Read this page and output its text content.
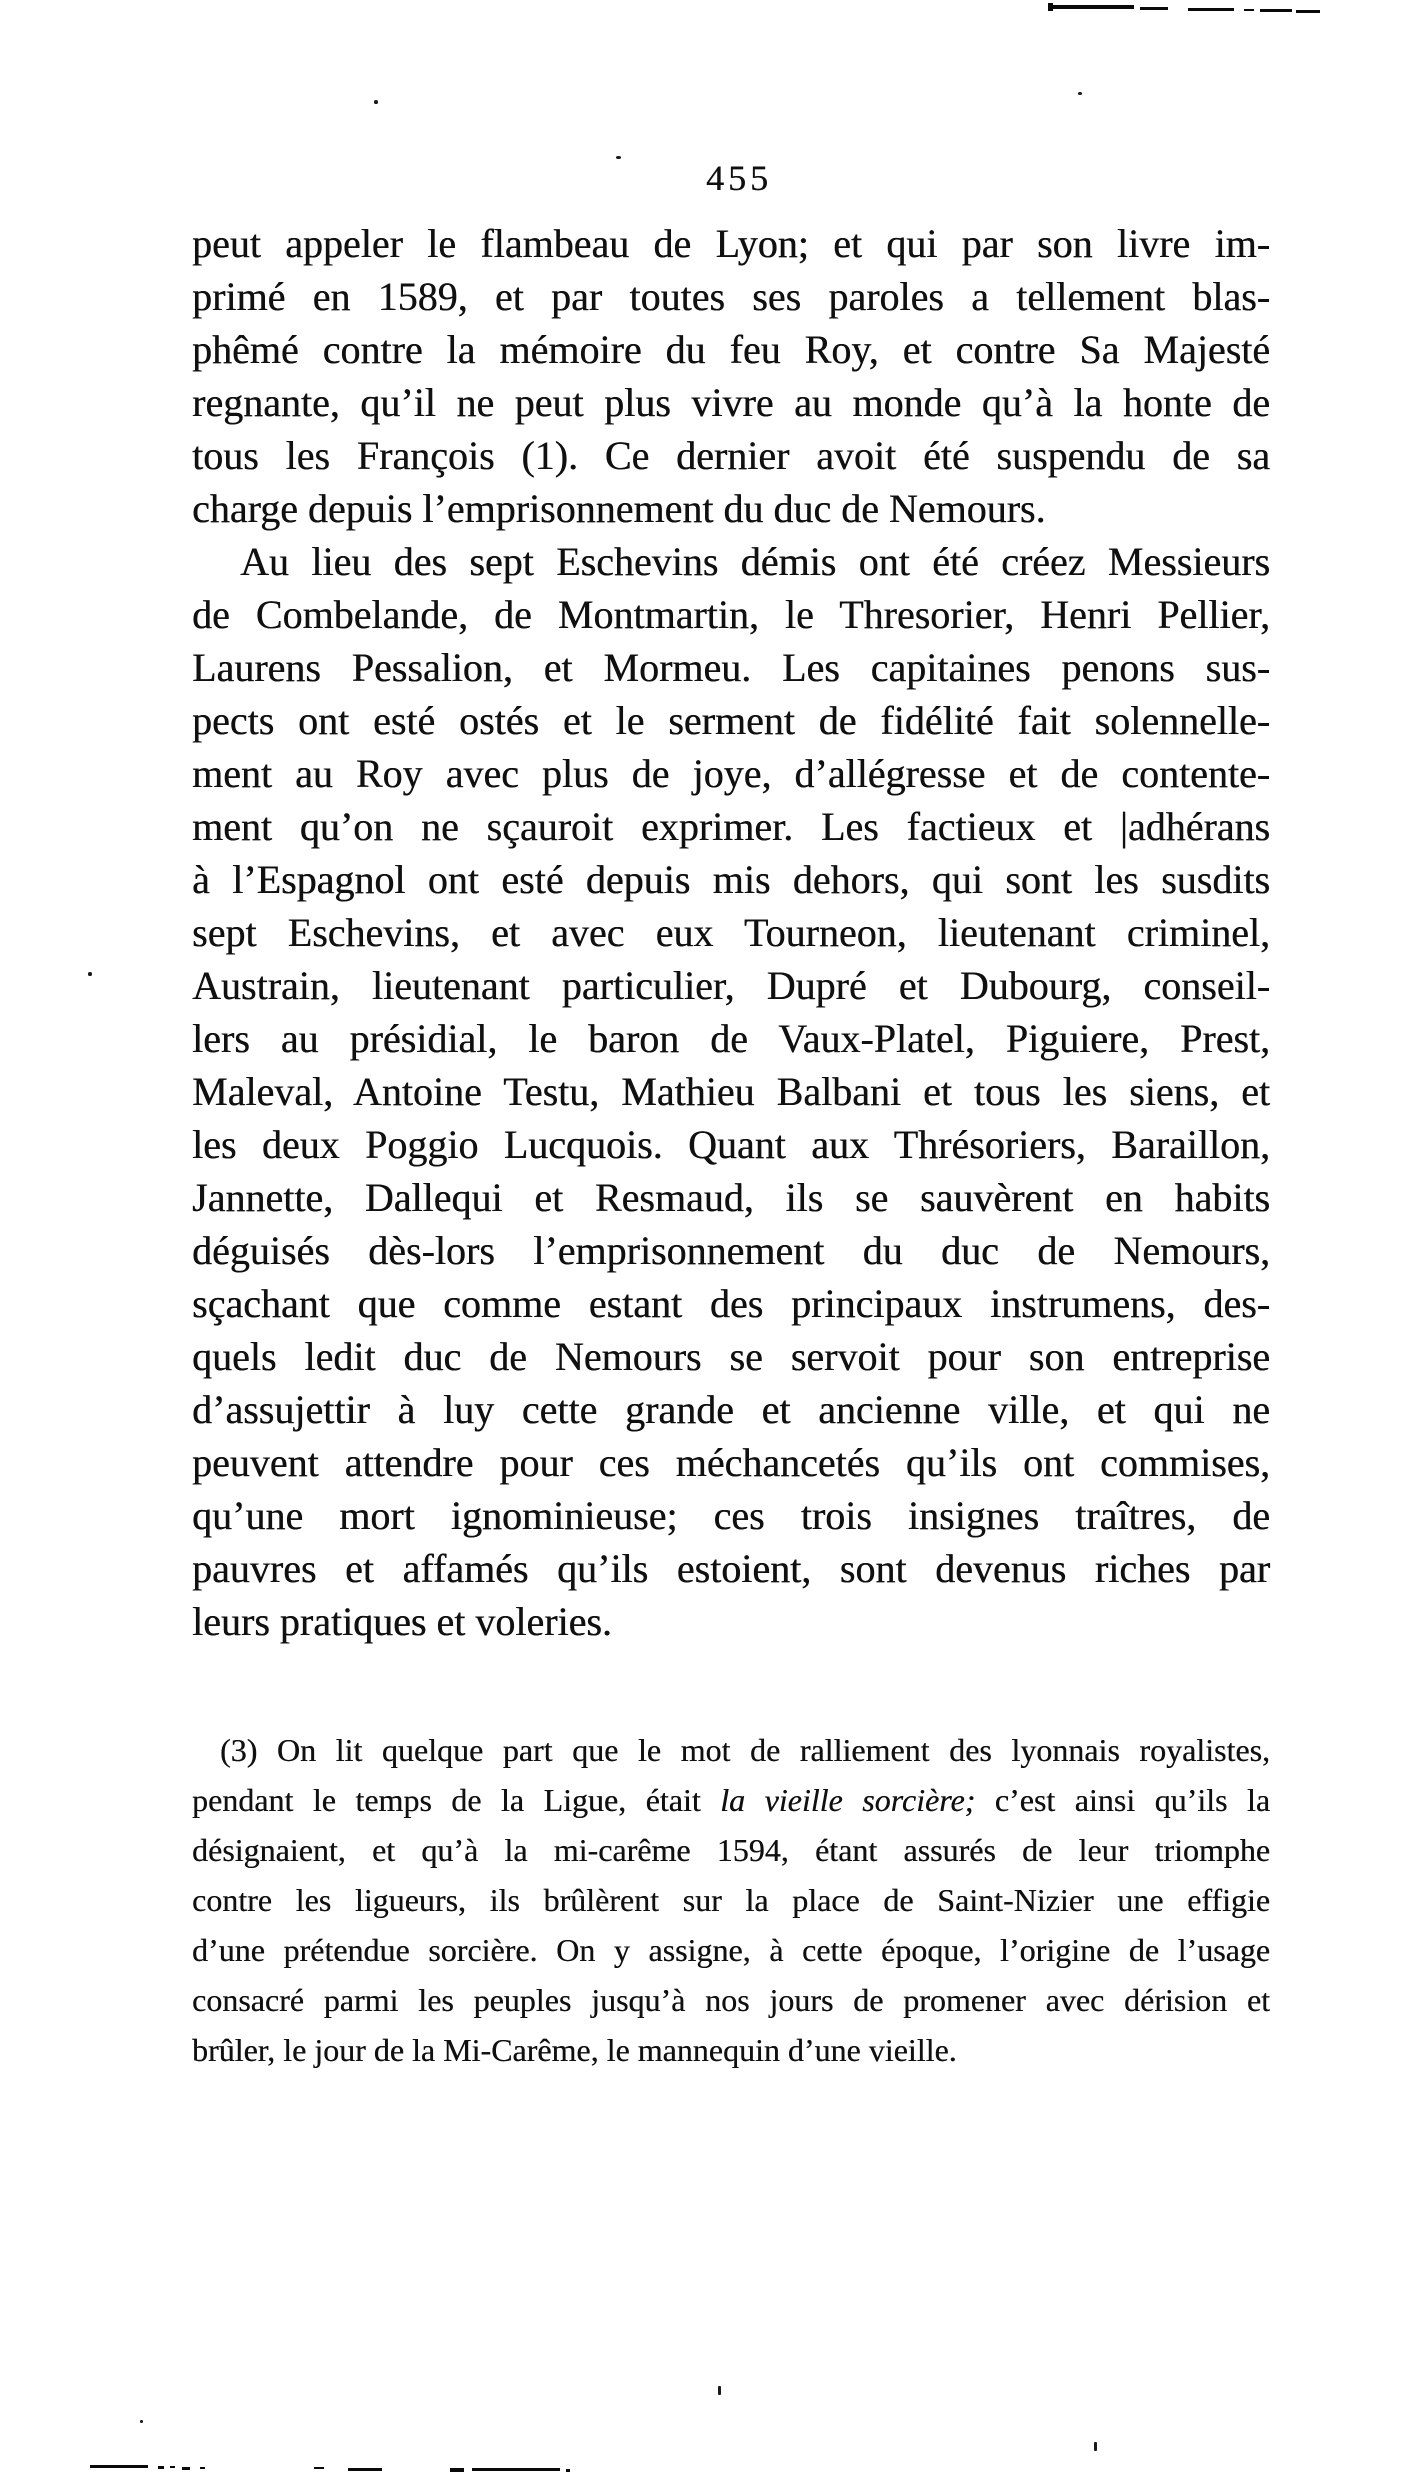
455
peut appeler le flambeau de Lyon; et qui par son livre im-
primé en 1589, et par toutes ses paroles a tellement blas-
phêmé contre la mémoire du feu Roy, et contre Sa Majesté
regnante, qu’il ne peut plus vivre au monde qu’à la honte de
tous les François (1). Ce dernier avoit été suspendu de sa
charge depuis l’emprisonnement du duc de Nemours.
Au lieu des sept Eschevins démis ont été créez Messieurs
de Combelande, de Montmartin, le Thresorier, Henri Pellier,
Laurens Pessalion, et Mormeu. Les capitaines penons sus-
pects ont esté ostés et le serment de fidélité fait solennelle-
ment au Roy avec plus de joye, d’allégresse et de contente-
ment qu’on ne sçauroit exprimer. Les factieux et |adhérans
à l’Espagnol ont esté depuis mis dehors, qui sont les susdits
sept Eschevins, et avec eux Tourneon, lieutenant criminel,
Austrain, lieutenant particulier, Dupré et Dubourg, conseil-
lers au présidial, le baron de Vaux-Platel, Piguiere, Prest,
Maleval, Antoine Testu, Mathieu Balbani et tous les siens, et
les deux Poggio Lucquois. Quant aux Thrésoriers, Baraillon,
Jannette, Dallequi et Resmaud, ils se sauvèrent en habits
déguisés dès-lors l’emprisonnement du duc de Nemours,
sçachant que comme estant des principaux instrumens, des-
quels ledit duc de Nemours se servoit pour son entreprise
d’assujettir à luy cette grande et ancienne ville, et qui ne
peuvent attendre pour ces méchancetés qu’ils ont commises,
qu’une mort ignominieuse; ces trois insignes traîtres, de
pauvres et affamés qu’ils estoient, sont devenus riches par
leurs pratiques et voleries.
(3) On lit quelque part que le mot de ralliement des lyonnais royalistes,
pendant le temps de la Ligue, était la vieille sorcière; c’est ainsi qu’ils la
désignaient, et qu’à la mi-carême 1594, étant assurés de leur triomphe
contre les ligueurs, ils brûlèrent sur la place de Saint-Nizier une effigie
d’une prétendue sorcière. On y assigne, à cette époque, l’origine de l’usage
consacré parmi les peuples jusqu’à nos jours de promener avec dérision et
brûler, le jour de la Mi-Carême, le mannequin d’une vieille.
